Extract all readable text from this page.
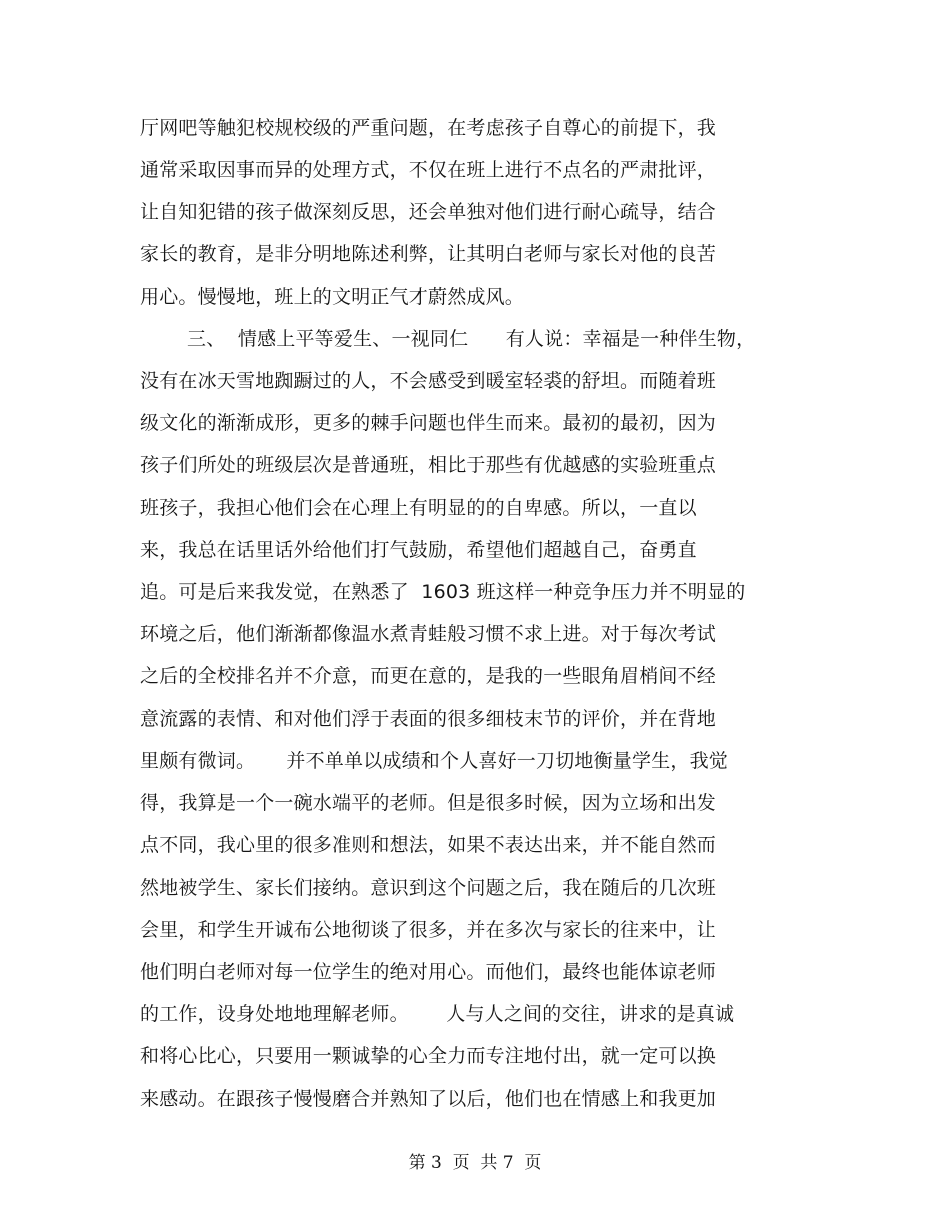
厅网吧等触犯校规校级的严重问题，在考虑孩子自尊心的前提下，我
通常采取因事而异的处理方式，不仅在班上进行不点名的严肃批评，
让自知犯错的孩子做深刻反思，还会单独对他们进行耐心疏导，结合
家长的教育，是非分明地陈述利弊，让其明白老师与家长对他的良苦
用心。慢慢地，班上的文明正气才蔚然成风。
三、  情感上平等爱生、一视同仁      有人说：幸福是一种伴生物，
没有在冰天雪地踟蹰过的人，不会感受到暖室轻裘的舒坦。而随着班
级文化的渐渐成形，更多的棘手问题也伴生而来。最初的最初，因为
孩子们所处的班级层次是普通班，相比于那些有优越感的实验班重点
班孩子，我担心他们会在心理上有明显的的自卑感。所以，一直以
来，我总在话里话外给他们打气鼓励，希望他们超越自己，奋勇直
追。可是后来我发觉，在熟悉了  1603 班这样一种竞争压力并不明显的
环境之后，他们渐渐都像温水煮青蛙般习惯不求上进。对于每次考试
之后的全校排名并不介意，而更在意的，是我的一些眼角眉梢间不经
意流露的表情、和对他们浮于表面的很多细枝末节的评价，并在背地
里颇有微词。     并不单单以成绩和个人喜好一刀切地衡量学生，我觉
得，我算是一个一碗水端平的老师。但是很多时候，因为立场和出发
点不同，我心里的很多准则和想法，如果不表达出来，并不能自然而
然地被学生、家长们接纳。意识到这个问题之后，我在随后的几次班
会里，和学生开诚布公地彻谈了很多，并在多次与家长的往来中，让
他们明白老师对每一位学生的绝对用心。而他们，最终也能体谅老师
的工作，设身处地地理解老师。      人与人之间的交往，讲求的是真诚
和将心比心，只要用一颗诚挚的心全力而专注地付出，就一定可以换
来感动。在跟孩子慢慢磨合并熟知了以后，他们也在情感上和我更加
第 3  页  共 7  页
